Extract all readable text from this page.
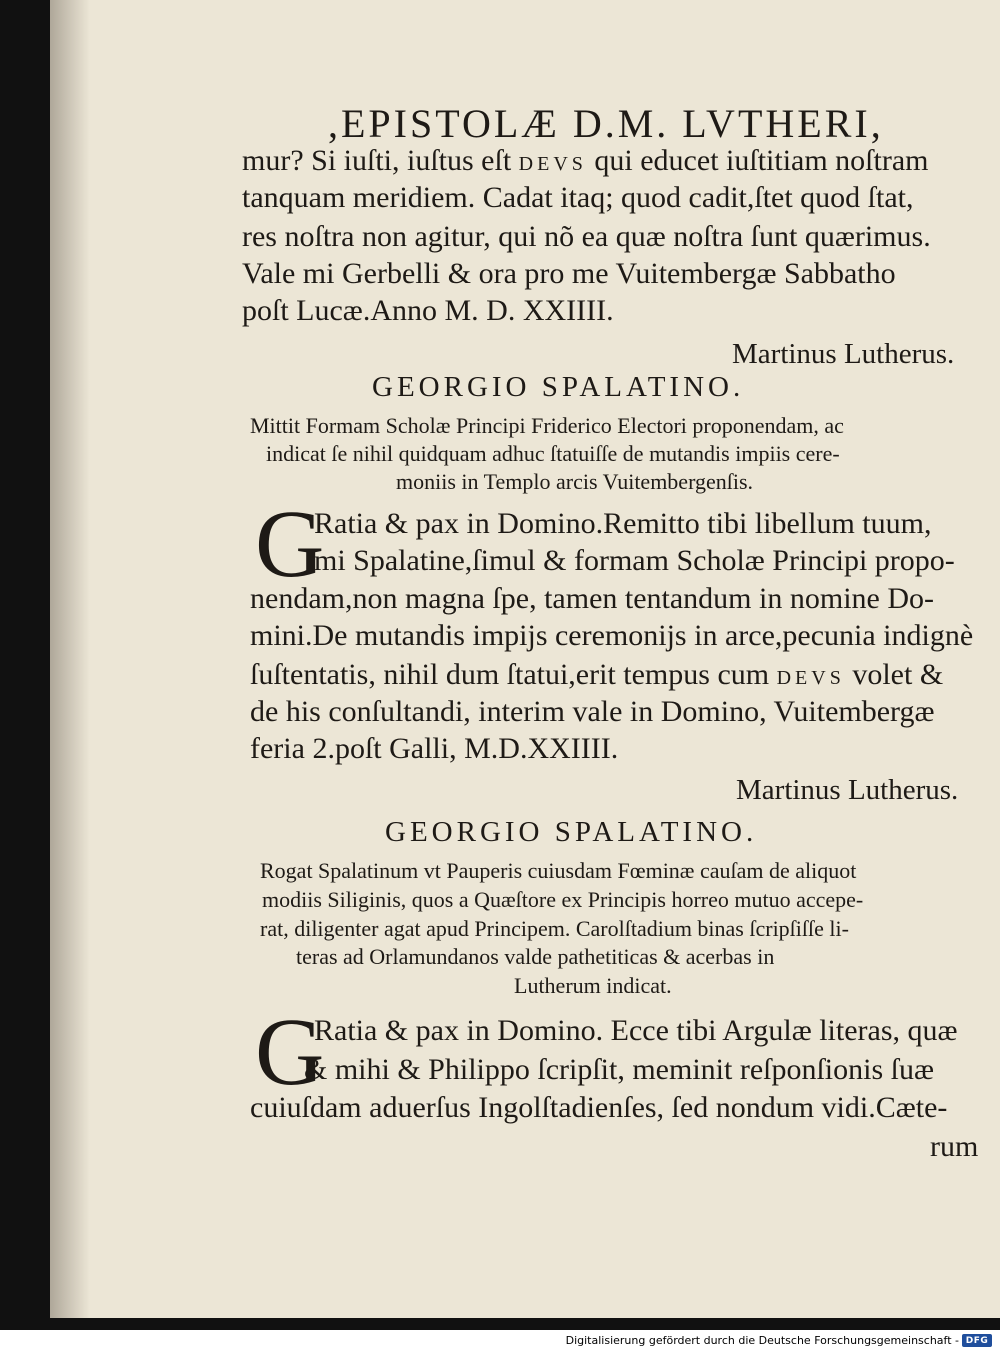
,EPISTOLÆ D.M. LVTHERI,
mur? Si iuſti, iuſtus eſt DEVS qui educet iuſtitiam noſtram
tanquam meridiem. Cadat itaq; quod cadit,ſtet quod ſtat,
res noſtra non agitur, qui nõ ea quæ noſtra ſunt quærimus.
Vale mi Gerbelli & ora pro me Vuitembergæ Sabbatho
poſt Lucæ.Anno M. D. XXIIII.
Martinus Lutherus.
GEORGIO SPALATINO.
Mittit Formam Scholæ Principi Friderico Electori proponendam, ac
indicat ſe nihil quidquam adhuc ſtatuiſſe de mutandis impiis cere-
moniis in Templo arcis Vuitembergenſis.
G
Ratia & pax in Domino.Remitto tibi libellum tuum,
mi Spalatine,ſimul & formam Scholæ Principi propo-
nendam,non magna ſpe, tamen tentandum in nomine Do-
mini.De mutandis impijs ceremonijs in arce,pecunia indignè
ſuſtentatis, nihil dum ſtatui,erit tempus cum DEVS volet &
de his conſultandi, interim vale in Domino, Vuitembergæ
feria 2.poſt Galli, M.D.XXIIII.
Martinus Lutherus.
GEORGIO SPALATINO.
Rogat Spalatinum vt Pauperis cuiusdam Fœminæ cauſam de aliquot
modiis Siliginis, quos a Quæſtore ex Principis horreo mutuo accepe-
rat, diligenter agat apud Principem. Carolſtadium binas ſcripſiſſe li-
teras ad Orlamundanos valde pathetiticas & acerbas in
Lutherum indicat.
G
Ratia & pax in Domino. Ecce tibi Argulæ literas, quæ
& mihi & Philippo ſcripſit, meminit reſponſionis ſuæ
cuiuſdam aduerſus Ingolſtadienſes, ſed nondum vidi.Cæte-
rum
Digitalisierung gefördert durch die Deutsche Forschungsgemeinschaft - DFG
